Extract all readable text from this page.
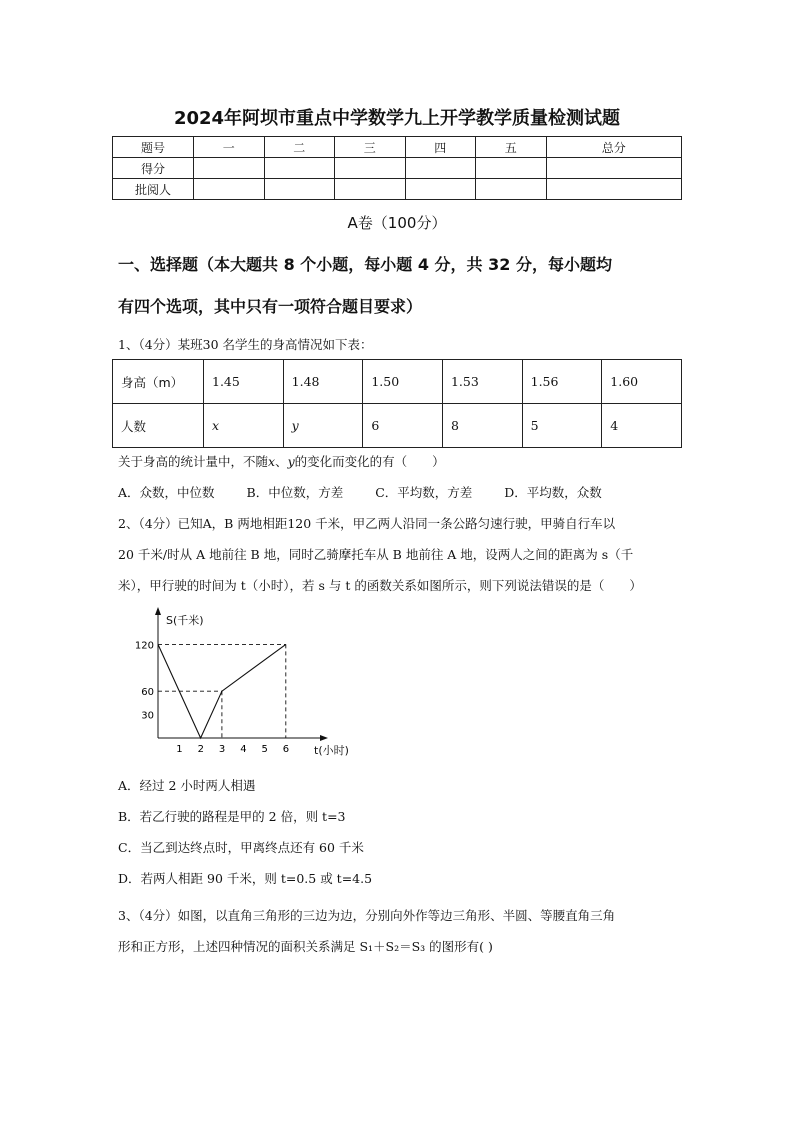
2024年阿坝市重点中学数学九上开学教学质量检测试题
题号	一	二	三	四	五	总分
得分						
批阅人						
A卷（100分）
一、选择题（本大题共 8 个小题，每小题 4 分，共 32 分，每小题均
有四个选项，其中只有一项符合题目要求）
1、（4分）某班30 名学生的身高情况如下表：
身高（m）	1.45	1.48	1.50	1.53	1.56	1.60
人数	x	y	6	8	5	4
关于身高的统计量中，不随x、y的变化而变化的有（　　）
A．众数，中位数	B．中位数，方差	C．平均数，方差	D．平均数，众数
2、（4分）已知A，B 两地相距120 千米，甲乙两人沿同一条公路匀速行驶，甲骑自行车以
20 千米/时从 A 地前往 B 地，同时乙骑摩托车从 B 地前往 A 地，设两人之间的距离为 s（千
米），甲行驶的时间为 t（小时），若 s 与 t 的函数关系如图所示，则下列说法错误的是（　　）
S(千米)
t(小时)
1 2 3 4 5 6
120
60
30
A．经过 2 小时两人相遇
B．若乙行驶的路程是甲的 2 倍，则 t=3
C．当乙到达终点时，甲离终点还有 60 千米
D．若两人相距 90 千米，则 t=0.5 或 t=4.5
3、（4分）如图，以直角三角形的三边为边，分别向外作等边三角形、半圆、等腰直角三角
形和正方形，上述四种情况的面积关系满足 S₁＋S₂＝S₃ 的图形有( )
